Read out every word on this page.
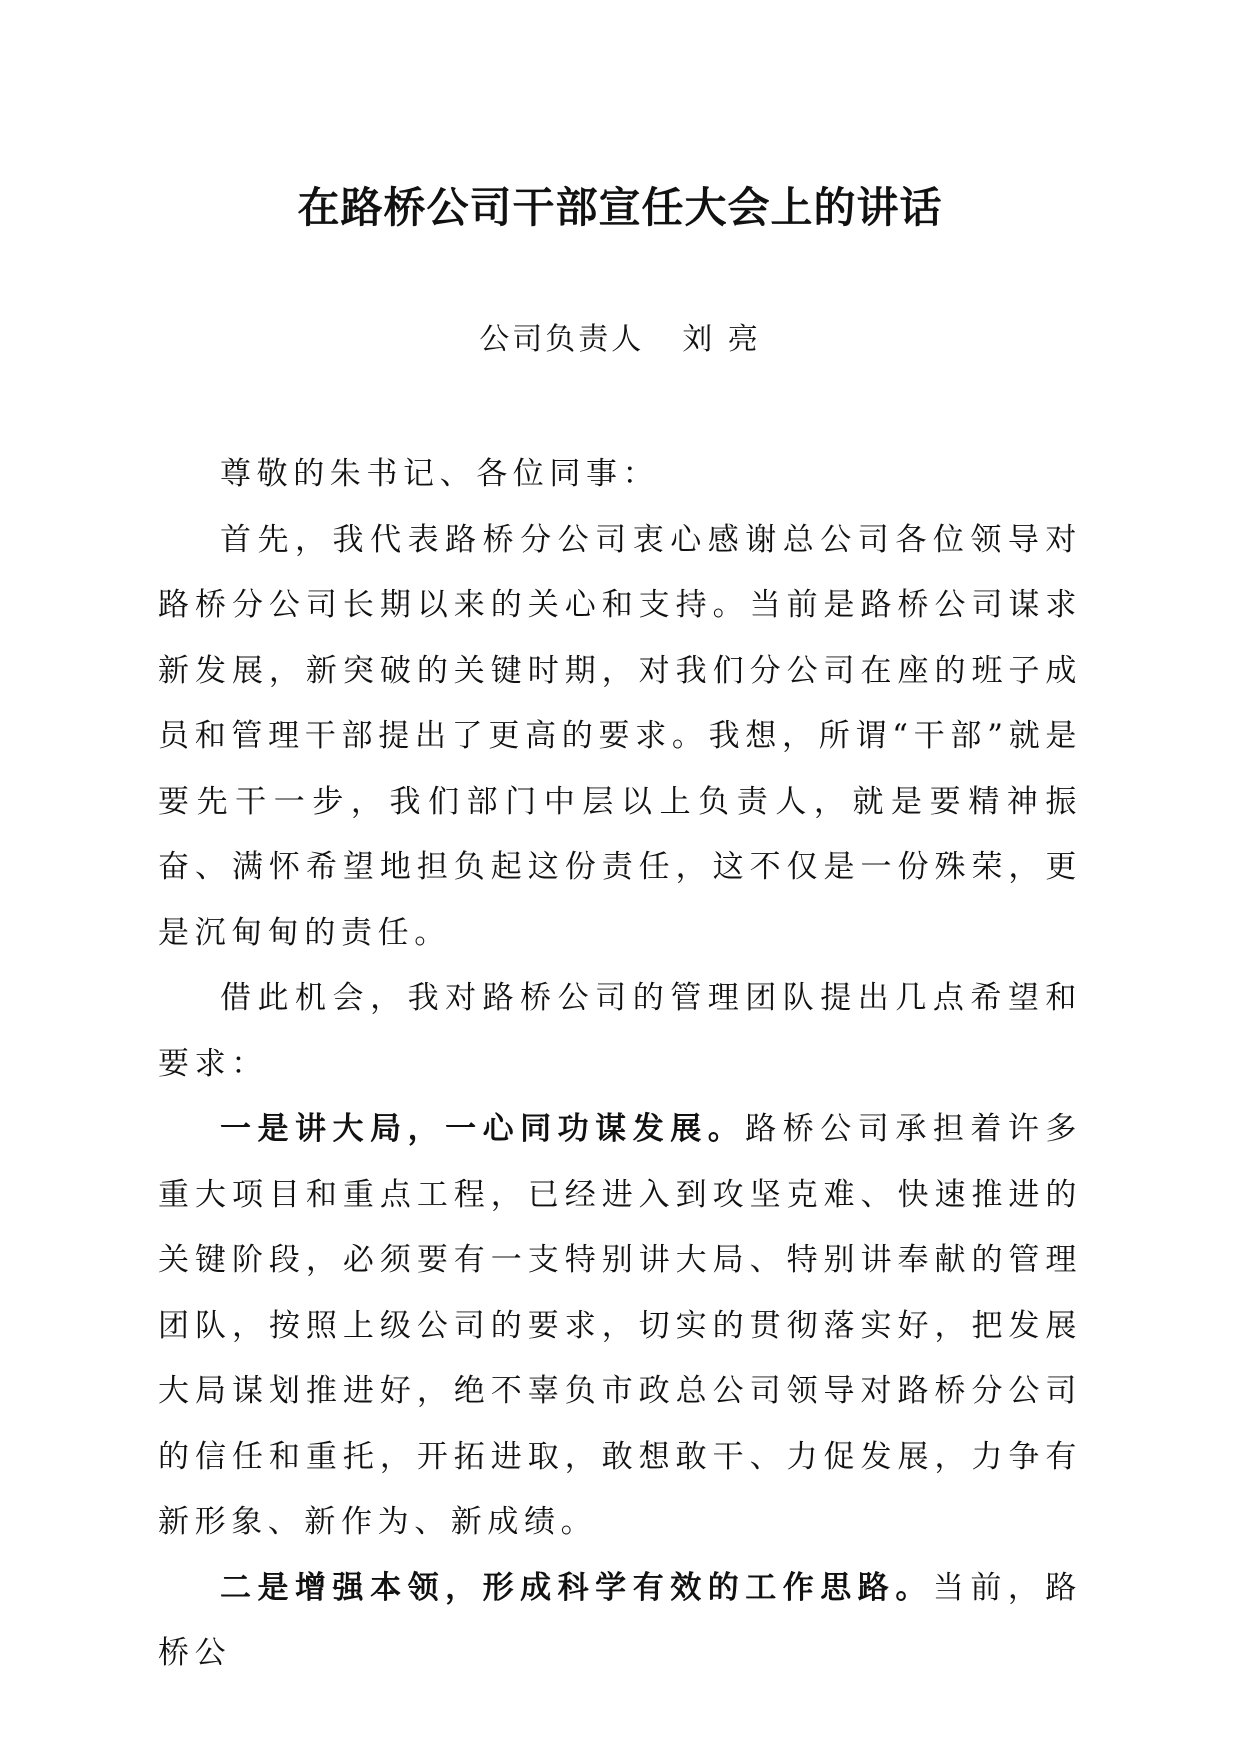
在路桥公司干部宣任大会上的讲话
公司负责人 刘 亮

尊敬的朱书记、各位同事：

首先，我代表路桥分公司衷心感谢总公司各位领导对路桥分公司长期以来的关心和支持。当前是路桥公司谋求新发展，新突破的关键时期，对我们分公司在座的班子成员和管理干部提出了更高的要求。我想，所谓“干部”就是要先干一步，我们部门中层以上负责人，就是要精神振奋、满怀希望地担负起这份责任，这不仅是一份殊荣，更是沉甸甸的责任。

借此机会，我对路桥公司的管理团队提出几点希望和要求：

一是讲大局，一心同功谋发展。路桥公司承担着许多重大项目和重点工程，已经进入到攻坚克难、快速推进的关键阶段，必须要有一支特别讲大局、特别讲奉献的管理团队，按照上级公司的要求，切实的贯彻落实好，把发展大局谋划推进好，绝不辜负市政总公司领导对路桥分公司的信任和重托，开拓进取，敢想敢干、力促发展，力争有新形象、新作为、新成绩。

二是增强本领，形成科学有效的工作思路。当前，路桥公
